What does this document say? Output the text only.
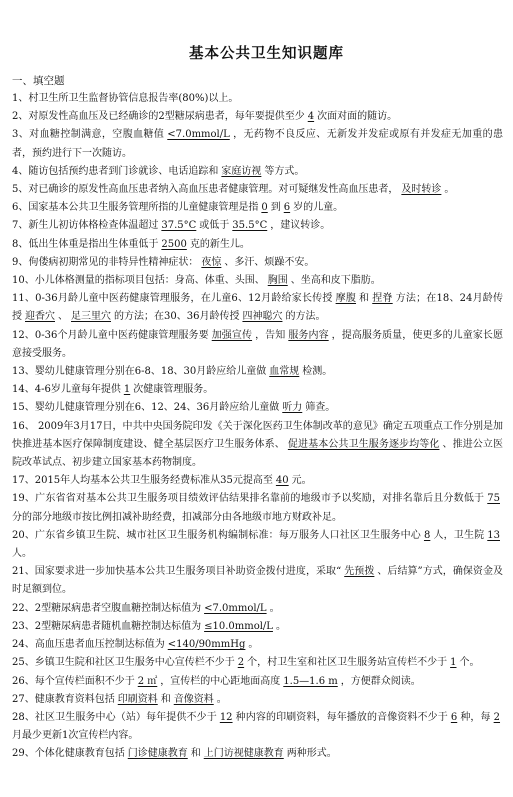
基本公共卫生知识题库
一、填空题
1、村卫生所卫生监督协管信息报告率(80%)以上。
2、对原发性高血压及已经确诊的2型糖尿病患者，每年要提供至少 4 次面对面的随访。
3、对血糖控制满意，空腹血糖值 <7.0mmol/L ，无药物不良反应、无新发并发症或原有并发症无加重的患者，预约进行下一次随访。
4、随访包括预约患者到门诊就诊、电话追踪和 家庭访视 等方式。
5、对已确诊的原发性高血压患者纳入高血压患者健康管理。对可疑继发性高血压患者， 及时转诊 。
6、国家基本公共卫生服务管理所指的儿童健康管理是指 0 到 6 岁的儿童。
7、新生儿初访体格检查体温超过 37.5°C 或低于 35.5°C ，建议转诊。
8、低出生体重是指出生体重低于 2500 克的新生儿。
9、佝偻病初期常见的非特异性精神症状： 夜惊 、多汗、烦躁不安。
10、小儿体格测量的指标项目包括：身高、体重、头围、 胸围 、坐高和皮下脂肪。
11、0-36月龄儿童中医药健康管理服务，在儿童6、12月龄给家长传授 摩腹 和 捏脊 方法；在18、24月龄传授 迎香穴 、 足三里穴 的方法；在30、36月龄传授 四神聪穴 的方法。
12、0-36个月龄儿童中医药健康管理服务要 加强宣传 ，告知 服务内容 ，提高服务质量，使更多的儿童家长愿意接受服务。
13、婴幼儿健康管理分别在6-8、18、30月龄应给儿童做 血常规 检测。
14、4-6岁儿童每年提供 1 次健康管理服务。
15、婴幼儿健康管理分别在6、12、24、36月龄应给儿童做 听力 筛查。
16、 2009年3月17日，中共中央国务院印发《关于深化医药卫生体制改革的意见》确定五项重点工作分别是加快推进基本医疗保障制度建设、健全基层医疗卫生服务体系、 促进基本公共卫生服务逐步均等化 、推进公立医院改革试点、初步建立国家基本药物制度。
17、2015年人均基本公共卫生服务经费标准从35元提高至 40 元。
19、广东省省对基本公共卫生服务项目绩效评估结果排名靠前的地级市予以奖励，对排名靠后且分数低于 75分的部分地级市按比例扣减补助经费，扣减部分由各地级市地方财政补足。
20、广东省乡镇卫生院、城市社区卫生服务机构编制标准：每万服务人口社区卫生服务中心 8 人，卫生院 13人。
21、国家要求进一步加快基本公共卫生服务项目补助资金拨付进度，采取“ 先预拨 、后结算”方式，确保资金及时足额到位。
22、2型糖尿病患者空腹血糖控制达标值为 <7.0mmol/L 。
23、2型糖尿病患者随机血糖控制达标值为 ≤10.0mmol/L 。
24、高血压患者血压控制达标值为 <140/90mmHg 。
25、乡镇卫生院和社区卫生服务中心宣传栏不少于 2 个，村卫生室和社区卫生服务站宣传栏不少于 1 个。
26、每个宣传栏面积不少于 2 ㎡ ，宣传栏的中心距地面高度 1.5—1.6 m ，方便群众阅读。
27、健康教育资料包括 印刷资料 和 音像资料 。
28、社区卫生服务中心（站）每年提供不少于 12 种内容的印刷资料，每年播放的音像资料不少于 6 种，每 2月最少更新1次宣传栏内容。
29、个体化健康教育包括 门诊健康教育 和 上门访视健康教育 两种形式。
